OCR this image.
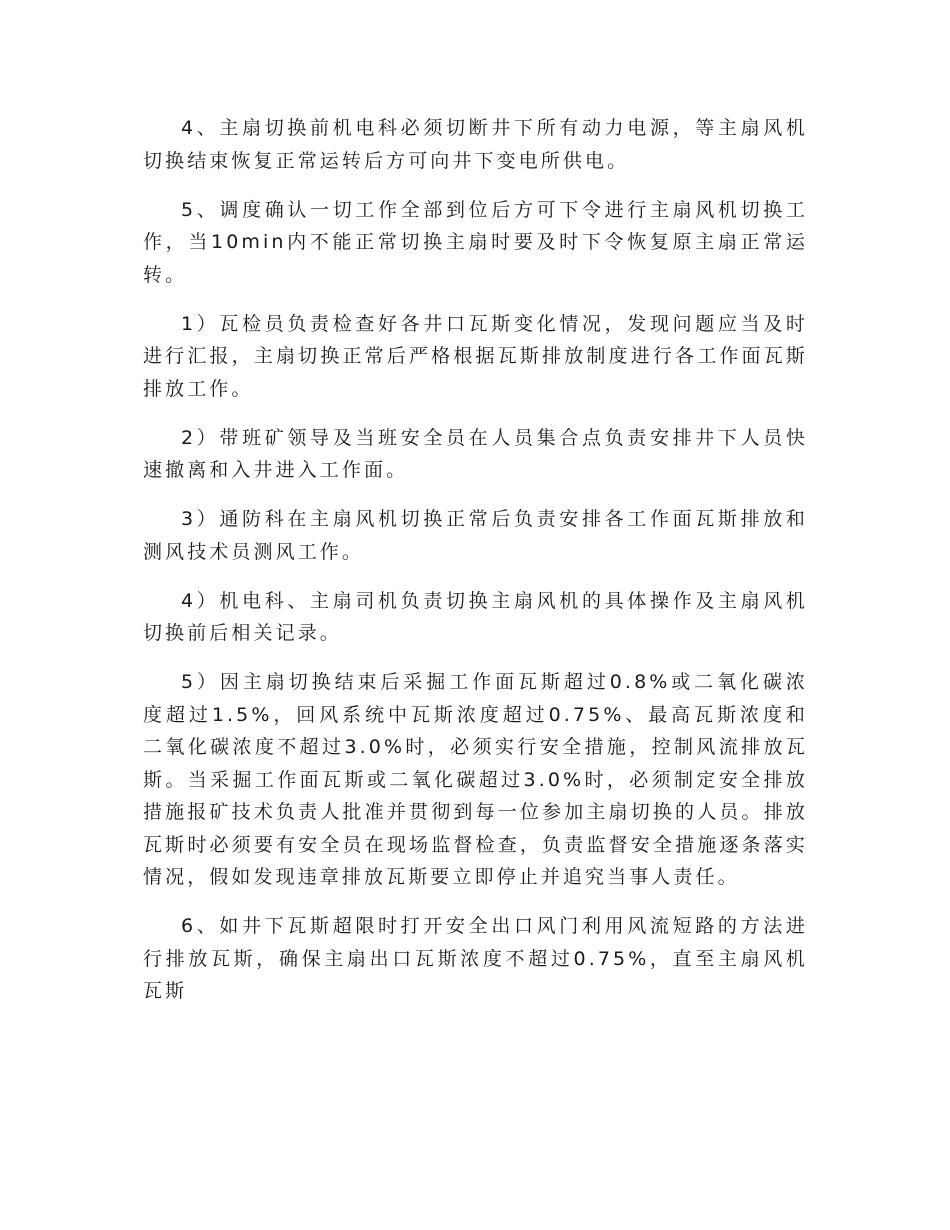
4、主扇切换前机电科必须切断井下所有动力电源，等主扇风机切换结束恢复正常运转后方可向井下变电所供电。

5、调度确认一切工作全部到位后方可下令进行主扇风机切换工作，当10min内不能正常切换主扇时要及时下令恢复原主扇正常运转。

1）瓦检员负责检查好各井口瓦斯变化情况，发现问题应当及时进行汇报，主扇切换正常后严格根据瓦斯排放制度进行各工作面瓦斯排放工作。

2）带班矿领导及当班安全员在人员集合点负责安排井下人员快速撤离和入井进入工作面。

3）通防科在主扇风机切换正常后负责安排各工作面瓦斯排放和测风技术员测风工作。

4）机电科、主扇司机负责切换主扇风机的具体操作及主扇风机切换前后相关记录。

5）因主扇切换结束后采掘工作面瓦斯超过0.8%或二氧化碳浓度超过1.5%，回风系统中瓦斯浓度超过0.75%、最高瓦斯浓度和二氧化碳浓度不超过3.0%时，必须实行安全措施，控制风流排放瓦斯。当采掘工作面瓦斯或二氧化碳超过3.0%时，必须制定安全排放措施报矿技术负责人批准并贯彻到每一位参加主扇切换的人员。排放瓦斯时必须要有安全员在现场监督检查，负责监督安全措施逐条落实情况，假如发现违章排放瓦斯要立即停止并追究当事人责任。

6、如井下瓦斯超限时打开安全出口风门利用风流短路的方法进行排放瓦斯，确保主扇出口瓦斯浓度不超过0.75%，直至主扇风机瓦斯
